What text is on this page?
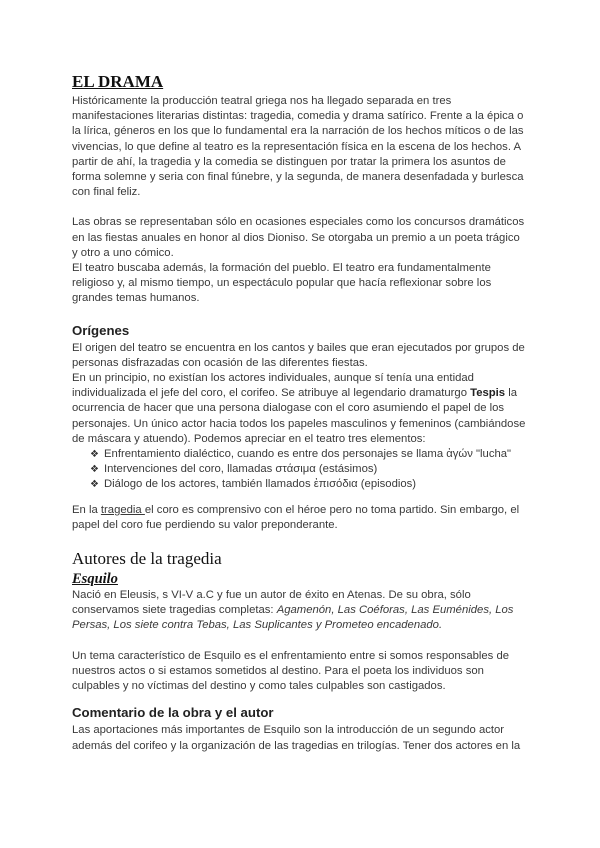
EL DRAMA

Históricamente la producción teatral griega nos ha llegado separada en tres manifestaciones literarias distintas: tragedia, comedia y drama satírico. Frente a la épica o la lírica, géneros en los que lo fundamental era la narración de los hechos míticos o de las vivencias, lo que define al teatro es la representación física en la escena de los hechos. A partir de ahí, la tragedia y la comedia se distinguen por tratar la primera los asuntos de forma solemne y seria con final fúnebre, y la segunda, de manera desenfadada y burlesca con final feliz.

Las obras se representaban sólo en ocasiones especiales como los concursos dramáticos en las fiestas anuales en honor al dios Dioniso. Se otorgaba un premio a un poeta trágico y otro a uno cómico.

El teatro buscaba además, la formación del pueblo. El teatro era fundamentalmente religioso y, al mismo tiempo, un espectáculo popular que hacía reflexionar sobre los grandes temas humanos.

Orígenes

El origen del teatro se encuentra en los cantos y bailes que eran ejecutados por grupos de personas disfrazadas con ocasión de las diferentes fiestas.

En un principio, no existían los actores individuales, aunque sí tenía una entidad individualizada el jefe del coro, el corifeo. Se atribuye al legendario dramaturgo Tespis la ocurrencia de hacer que una persona dialogase con el coro asumiendo el papel de los personajes. Un único actor hacia todos los papeles masculinos y femeninos (cambiándose de máscara y atuendo). Podemos apreciar en el teatro tres elementos:

❖ Enfrentamiento dialéctico, cuando es entre dos personajes se llama ἀγών "lucha"
❖ Intervenciones del coro, llamadas στάσιμα (estásimos)
❖ Diálogo de los actores, también llamados ἐπισόδια (episodios)

En la tragedia el coro es comprensivo con el héroe pero no toma partido. Sin embargo, el papel del coro fue perdiendo su valor preponderante.

Autores de la tragedia
Esquilo

Nació en Eleusis, s VI-V a.C y fue un autor de éxito en Atenas. De su obra, sólo conservamos siete tragedias completas: Agamenón, Las Coéforas, Las Euménides, Los Persas, Los siete contra Tebas, Las Suplicantes y Prometeo encadenado.

Un tema característico de Esquilo es el enfrentamiento entre si somos responsables de nuestros actos o si estamos sometidos al destino. Para el poeta los individuos son culpables y no víctimas del destino y como tales culpables son castigados.

Comentario de la obra y el autor

Las aportaciones más importantes de Esquilo son la introducción de un segundo actor además del corifeo y la organización de las tragedias en trilogías. Tener dos actores en la
